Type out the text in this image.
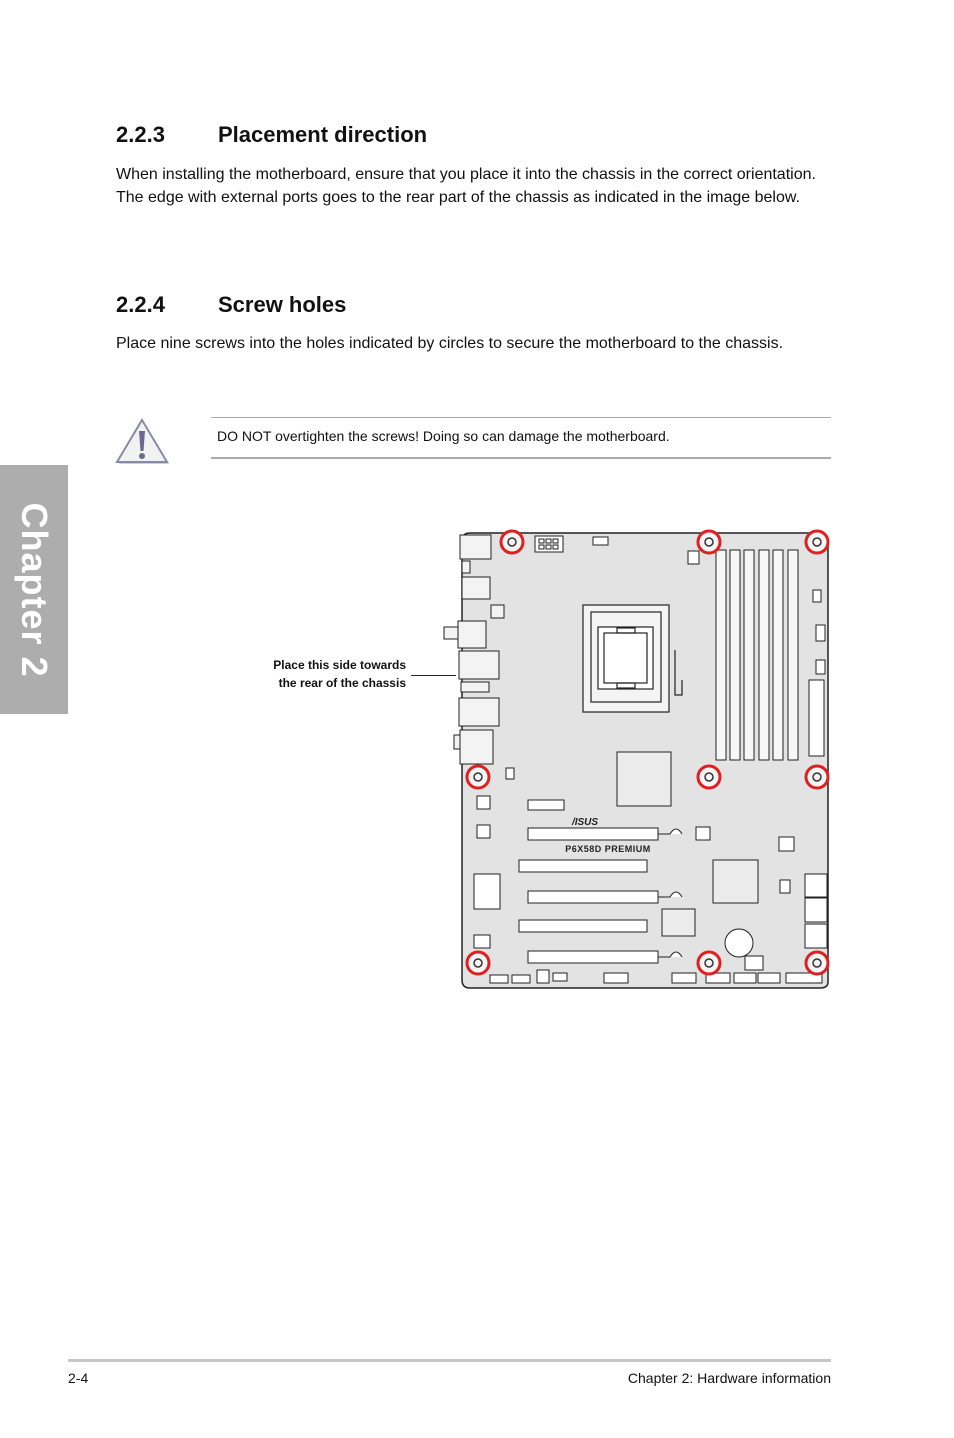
Chapter 2
2.2.3 Placement direction

When installing the motherboard, ensure that you place it into the chassis in the correct orientation. The edge with external ports goes to the rear part of the chassis as indicated in the image below.

2.2.4 Screw holes

Place nine screws into the holes indicated by circles to secure the motherboard to the chassis.

DO NOT overtighten the screws! Doing so can damage the motherboard.
Place this side towards
the rear of the chassis
/ISUS
P6X58D PREMIUM
2-4	Chapter 2: Hardware information
